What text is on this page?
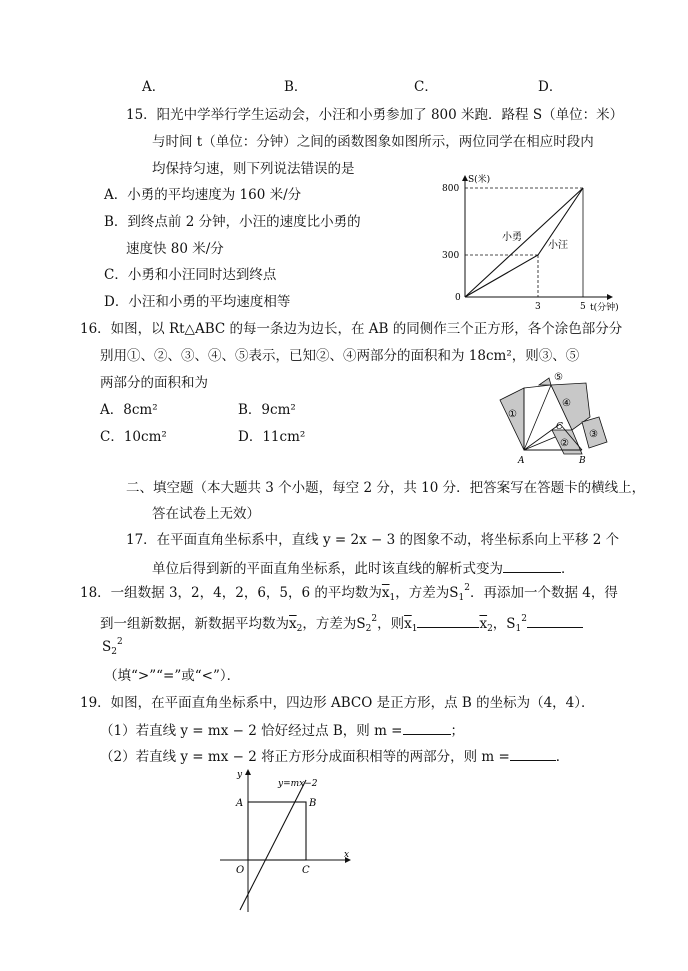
A．	B．	C．	D．
15．阳光中学举行学生运动会，小汪和小勇参加了 800 米跑．路程 S（单位：米）
与时间 t（单位：分钟）之间的函数图象如图所示，两位同学在相应时段内
均保持匀速，则下列说法错误的是
A．小勇的平均速度为 160 米/分
B．到终点前 2 分钟，小汪的速度比小勇的
速度快 80 米/分
C．小勇和小汪同时达到终点
D．小汪和小勇的平均速度相等
S(米)
800
300
0
3	5 t(分钟)
小勇
小汪
16．如图，以 Rt△ABC 的每一条边为边长，在 AB 的同侧作三个正方形，各个涂色部分分
别用①、②、③、④、⑤表示，已知②、④两部分的面积和为 18cm²，则③、⑤
两部分的面积和为
A．8cm²	B．9cm²
C．10cm²	D．11cm²
①
④
⑤
②
③
C
A	B
二、填空题（本大题共 3 个小题，每空 2 分，共 10 分．把答案写在答题卡的横线上，
答在试卷上无效）
17．在平面直角坐标系中，直线 y = 2x − 3 的图象不动，将坐标系向上平移 2 个
单位后得到新的平面直角坐标系，此时该直线的解析式变为	．
18．一组数据 3，2，4，2，6，5，6 的平均数为$\overline{x}_1$，方差为$S_1^2$．再添加一个数据 4，得
到一组新数据，新数据平均数为$\overline{x}_2$，方差为$S_2^2$，则$\overline{x}_1$	$\overline{x}_2$，$S_1^2$
$S_2^2$
（填“>”“=”或“<”）．
19．如图，在平面直角坐标系中，四边形 ABCO 是正方形，点 B 的坐标为（4，4）．
（1）若直线 y = mx − 2 恰好经过点 B，则 m =	；
（2）若直线 y = mx − 2 将正方形分成面积相等的两部分，则 m =	．
y=mx−2
y
x
A	B
C
O
